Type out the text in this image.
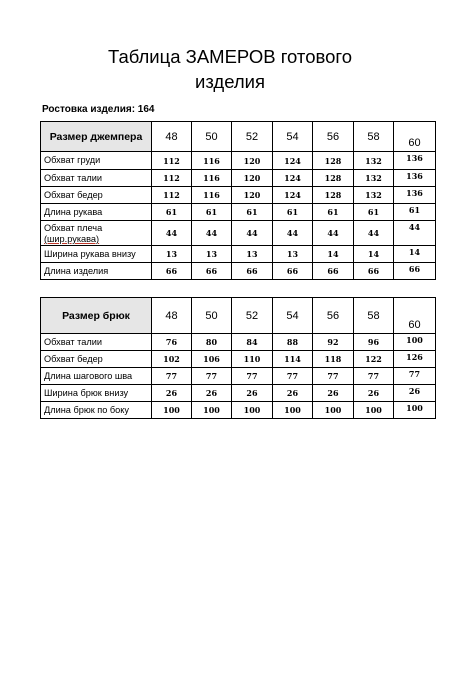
Таблица ЗАМЕРОВ готового
изделия
Ростовка изделия: 164
Размер джемпера	48	50	52	54	56	58	60
Обхват груди	112	116	120	124	128	132	136
Обхват талии	112	116	120	124	128	132	136
Обхват бедер	112	116	120	124	128	132	136
Длина рукава	61	61	61	61	61	61	61

Обхват плеча
(шир.рукава)	44	44	44	44	44	44	44
Ширина рукава внизу	13	13	13	13	14	14	14
Длина изделия	66	66	66	66	66	66	66
Размер брюк	48	50	52	54	56	58	60
Обхват талии	76	80	84	88	92	96	100
Обхват бедер	102	106	110	114	118	122	126
Длина шагового шва	77	77	77	77	77	77	77
Ширина брюк внизу	26	26	26	26	26	26	26
Длина брюк по боку	100	100	100	100	100	100	100
